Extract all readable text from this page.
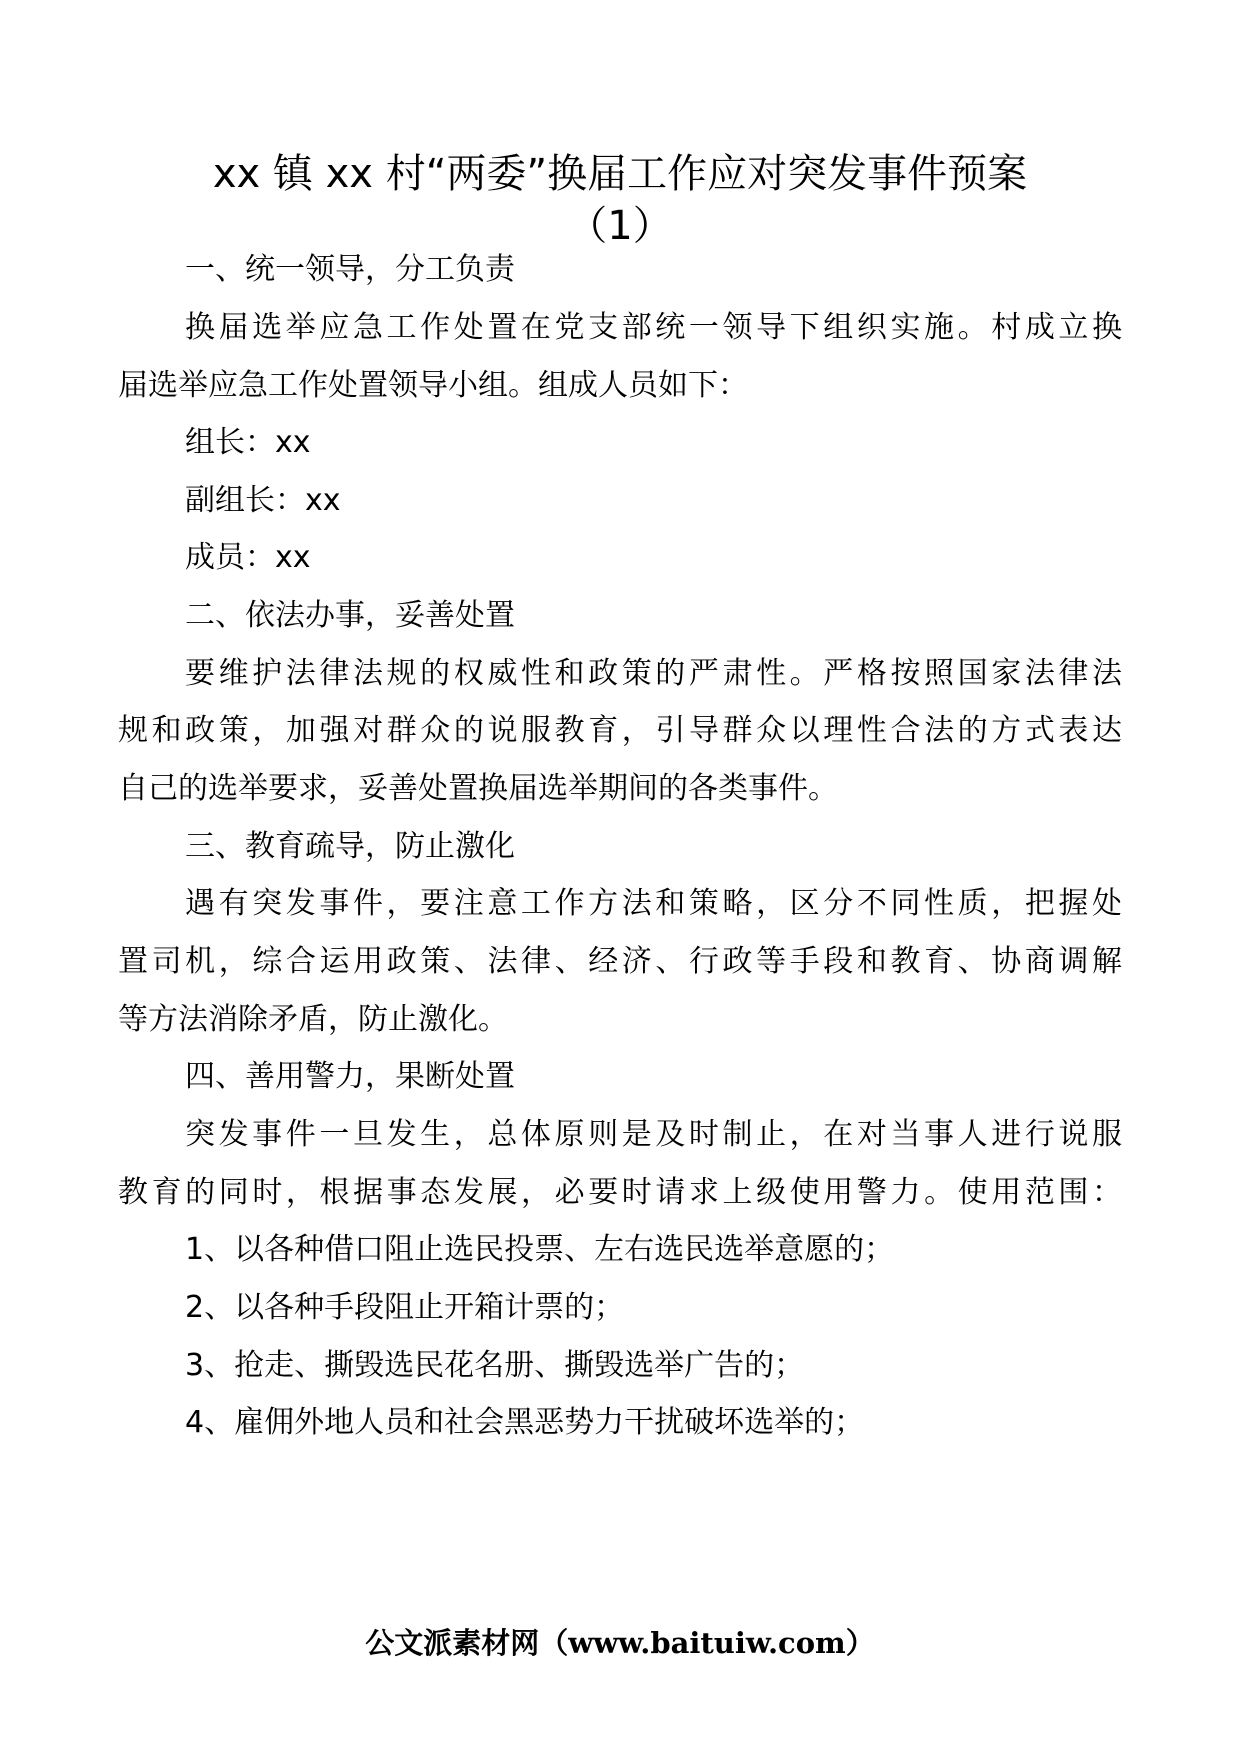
xx 镇 xx 村“两委”换届工作应对突发事件预案
（1）

一、统一领导，分工负责

换届选举应急工作处置在党支部统一领导下组织实施。村成立换

届选举应急工作处置领导小组。组成人员如下：

组长：xx

副组长：xx

成员：xx

二、依法办事，妥善处置

要维护法律法规的权威性和政策的严肃性。严格按照国家法律法

规和政策，加强对群众的说服教育，引导群众以理性合法的方式表达

自己的选举要求，妥善处置换届选举期间的各类事件。

三、教育疏导，防止激化

遇有突发事件，要注意工作方法和策略，区分不同性质，把握处

置司机，综合运用政策、法律、经济、行政等手段和教育、协商调解

等方法消除矛盾，防止激化。

四、善用警力，果断处置

突发事件一旦发生，总体原则是及时制止，在对当事人进行说服

教育的同时，根据事态发展，必要时请求上级使用警力。使用范围：

1、以各种借口阻止选民投票、左右选民选举意愿的；

2、以各种手段阻止开箱计票的；

3、抢走、撕毁选民花名册、撕毁选举广告的；

4、雇佣外地人员和社会黑恶势力干扰破坏选举的；

公文派素材网（www.baituiw.com）
